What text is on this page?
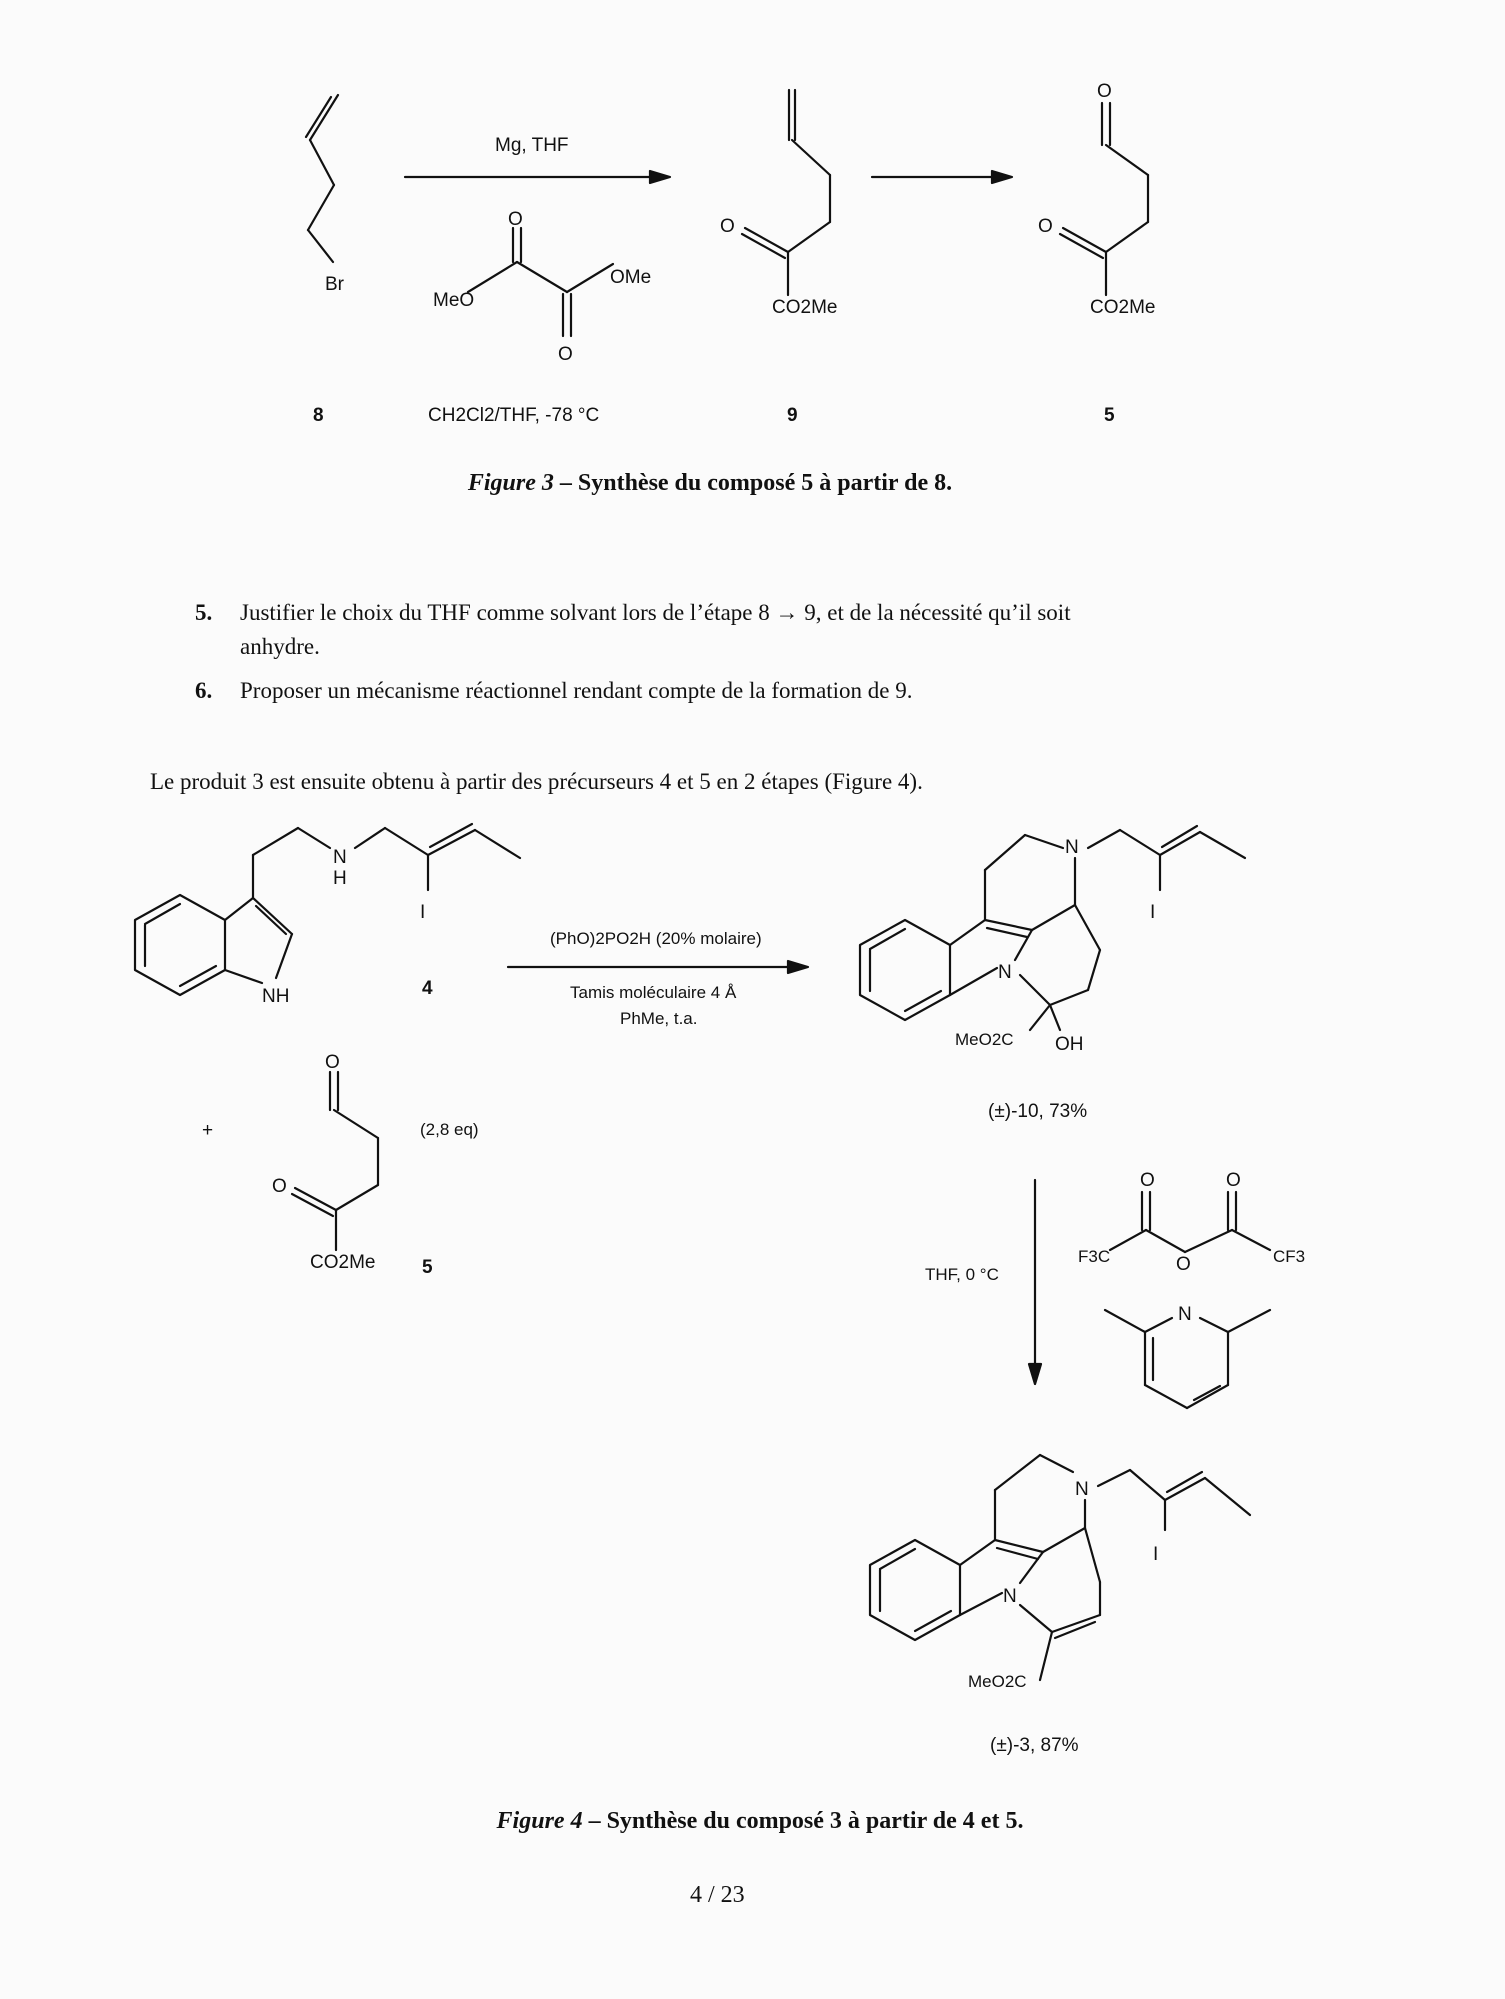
Br
Mg, THF
O
O
MeO
OMe
CH2Cl2/THF, -78 °C
O
CO2Me
O
O
CO2Me
8	9	5
NH
N
H
I
4
O
O
CO2Me
+	(2,8 eq)
5
(PhO)2PO2H (20% molaire)
Tamis moléculaire 4 Å
PhMe, t.a.
N
N
MeO2C OH
I
(±)-10, 73%
THF, 0 °C
O	O
F3C	O	CF3
N
N
N
MeO2C
I
(±)-3, 87%
Figure 3 – Synthèse du composé 5 à partir de 8.
5. Justifier le choix du THF comme solvant lors de l’étape 8 → 9, et de la nécessité qu’il soit
anhydre.
6. Proposer un mécanisme réactionnel rendant compte de la formation de 9.
Le produit 3 est ensuite obtenu à partir des précurseurs 4 et 5 en 2 étapes (Figure 4).
Figure 4 – Synthèse du composé 3 à partir de 4 et 5.
4 / 23
